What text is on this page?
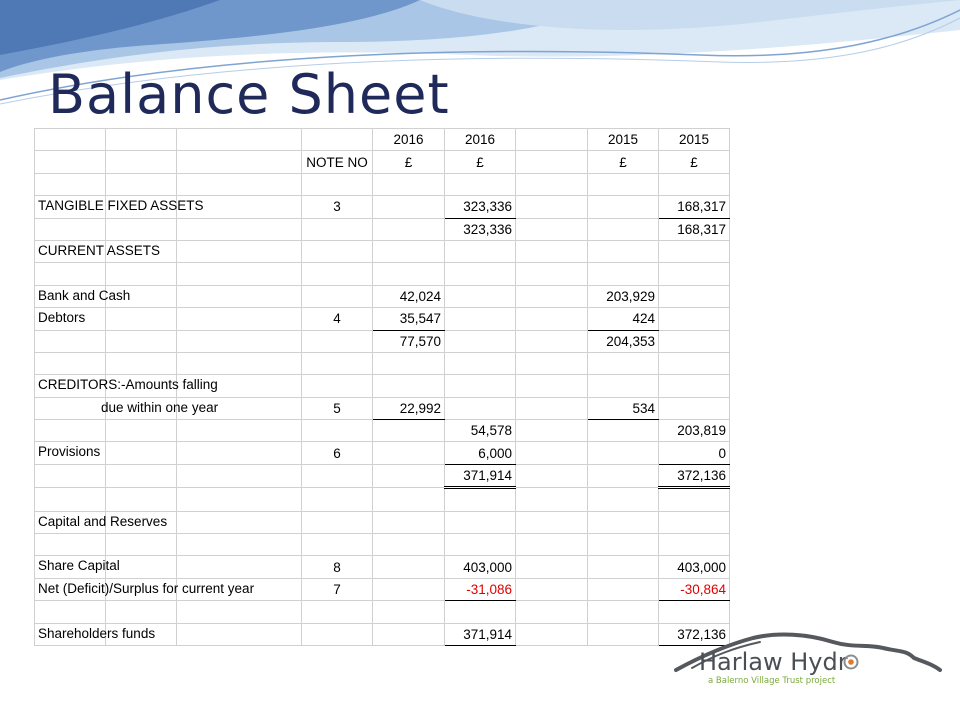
Balance Sheet
				2016	2016		2015	2015
			NOTE NO	£	£		£	£

TANGIBLE FIXED ASSETS			3		323,336			168,317
					323,336			168,317

CURRENT ASSETS								

Bank and Cash				42,024			203,929	

Debtors			4	35,547			424	
				77,570			204,353	

CREDITORS:-Amounts falling								

due within one year			5	22,992			534	
					54,578			203,819

Provisions			6		6,000			0
					371,914			372,136

Capital and Reserves								

Share Capital			8		403,000			403,000

Net (Deficit)/Surplus for current year			7		-31,086			-30,864

Shareholders funds					371,914			372,136
Harlaw Hydr
a Balerno Village Trust project
